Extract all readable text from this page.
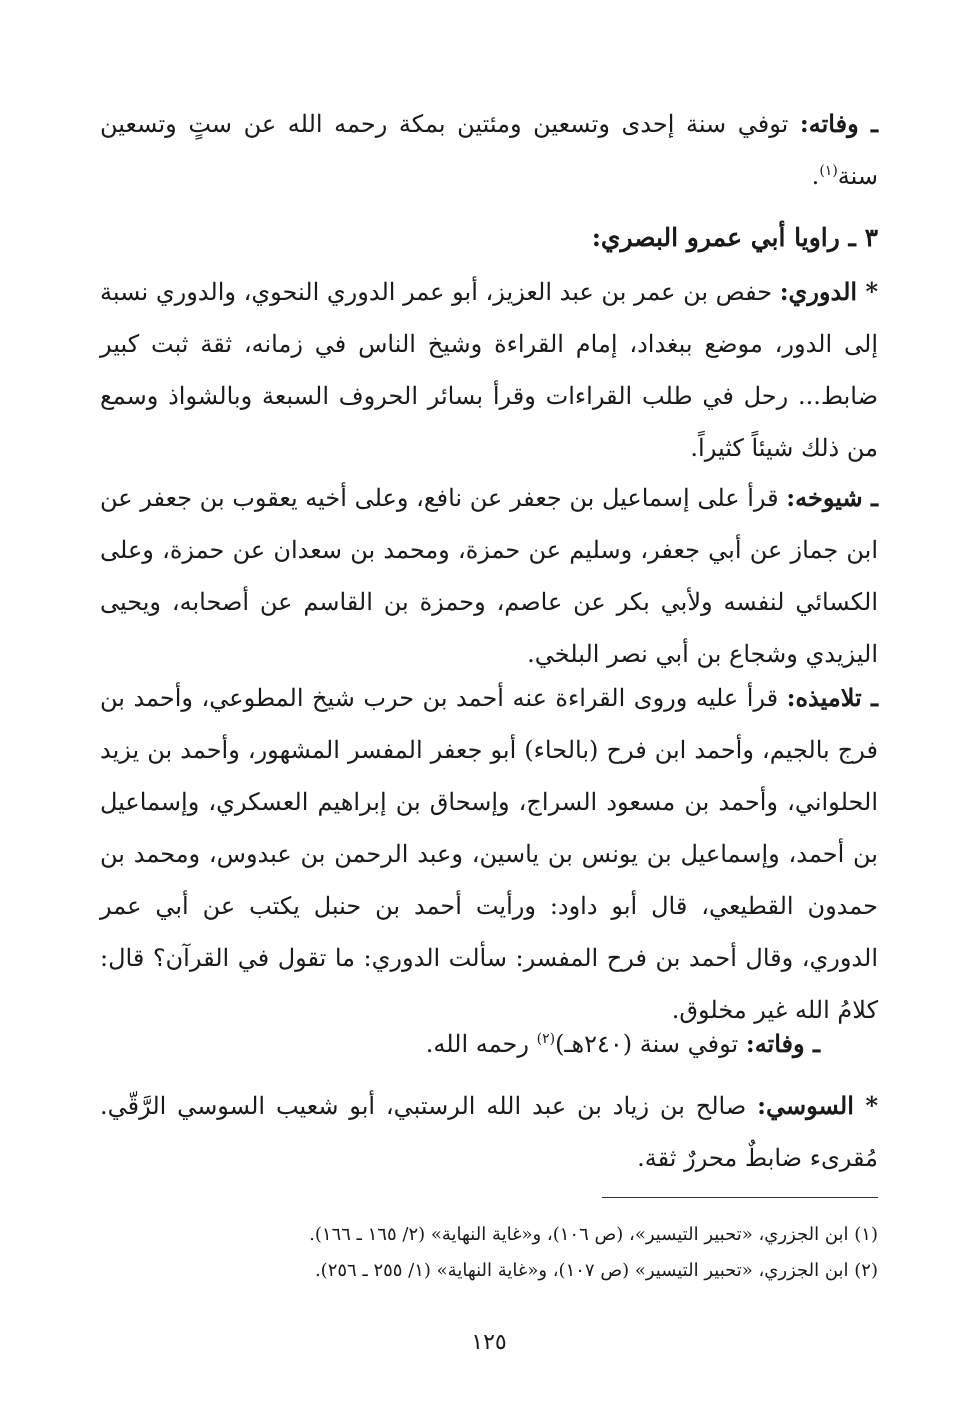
ـ وفاته: توفي سنة إحدى وتسعين ومئتين بمكة رحمه الله عن ستٍ وتسعين سنة$^{(١)}$.

٣ ـ راويا أبي عمرو البصري:

* الدوري: حفص بن عمر بن عبد العزيز، أبو عمر الدوري النحوي، والدوري نسبة إلى الدور، موضع ببغداد، إمام القراءة وشيخ الناس في زمانه، ثقة ثبت كبير ضابط... رحل في طلب القراءات وقرأ بسائر الحروف السبعة وبالشواذ وسمع من ذلك شيئاً كثيراً.

ـ شيوخه: قرأ على إسماعيل بن جعفر عن نافع، وعلى أخيه يعقوب بن جعفر عن ابن جماز عن أبي جعفر، وسليم عن حمزة، ومحمد بن سعدان عن حمزة، وعلى الكسائي لنفسه ولأبي بكر عن عاصم، وحمزة بن القاسم عن أصحابه، ويحيى اليزيدي وشجاع بن أبي نصر البلخي.

ـ تلاميذه: قرأ عليه وروى القراءة عنه أحمد بن حرب شيخ المطوعي، وأحمد بن فرج بالجيم، وأحمد ابن فرح (بالحاء) أبو جعفر المفسر المشهور، وأحمد بن يزيد الحلواني، وأحمد بن مسعود السراج، وإسحاق بن إبراهيم العسكري، وإسماعيل بن أحمد، وإسماعيل بن يونس بن ياسين، وعبد الرحمن بن عبدوس، ومحمد بن حمدون القطيعي، قال أبو داود: ورأيت أحمد بن حنبل يكتب عن أبي عمر الدوري، وقال أحمد بن فرح المفسر: سألت الدوري: ما تقول في القرآن؟ قال: كلامُ الله غير مخلوق.

ـ وفاته: توفي سنة (٢٤٠هـ)$^{(٢)}$ رحمه الله.

* السوسي: صالح بن زياد بن عبد الله الرستبي، أبو شعيب السوسي الرَّقّي. مُقرىء ضابطٌ محررٌ ثقة.

(١) ابن الجزري، «تحبير التيسير»، (ص ١٠٦)، و«غاية النهاية» (٢/ ١٦٥ ـ ١٦٦).
(٢) ابن الجزري، «تحبير التيسير» (ص ١٠٧)، و«غاية النهاية» (١/ ٢٥٥ ـ ٢٥٦).
١٢٥
